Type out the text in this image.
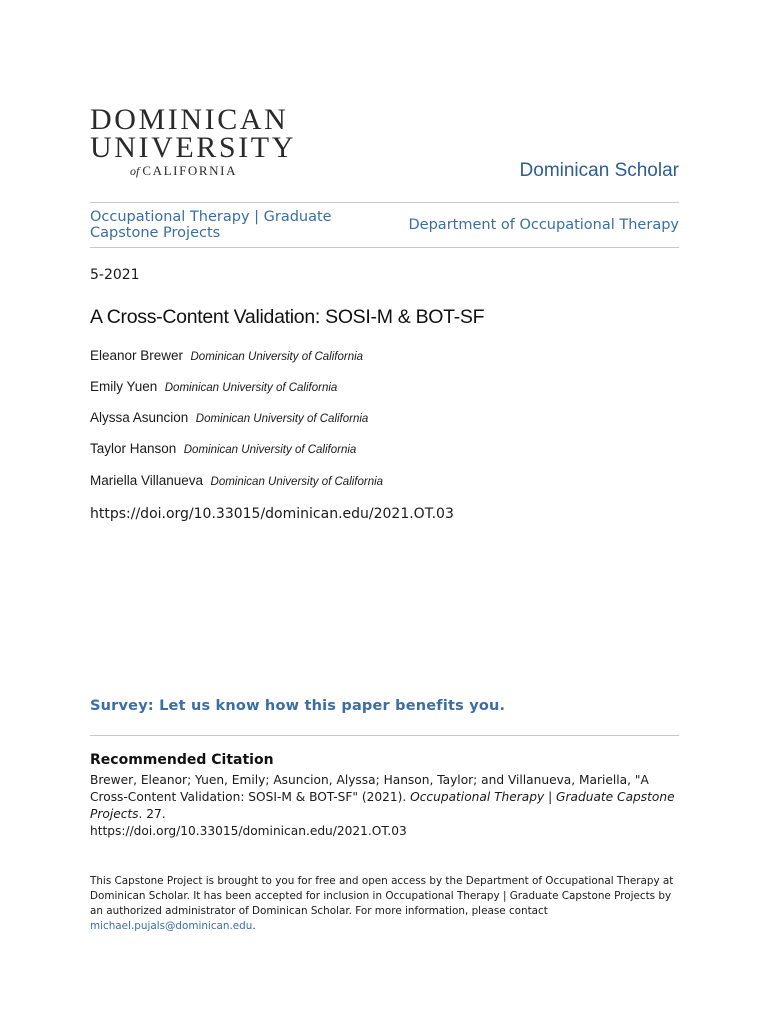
DOMINICAN
UNIVERSITY
of CALIFORNIA	Dominican Scholar
Occupational Therapy | Graduate Capstone Projects	Department of Occupational Therapy
5-2021
A Cross-Content Validation: SOSI-M & BOT-SF
Eleanor Brewer Dominican University of California
Emily Yuen Dominican University of California
Alyssa Asuncion Dominican University of California
Taylor Hanson Dominican University of California
Mariella Villanueva Dominican University of California
https://doi.org/10.33015/dominican.edu/2021.OT.03
Survey: Let us know how this paper benefits you.
Recommended Citation
Brewer, Eleanor; Yuen, Emily; Asuncion, Alyssa; Hanson, Taylor; and Villanueva, Mariella, "A Cross-Content Validation: SOSI-M & BOT-SF" (2021). Occupational Therapy | Graduate Capstone Projects. 27.
https://doi.org/10.33015/dominican.edu/2021.OT.03
This Capstone Project is brought to you for free and open access by the Department of Occupational Therapy at Dominican Scholar. It has been accepted for inclusion in Occupational Therapy | Graduate Capstone Projects by an authorized administrator of Dominican Scholar. For more information, please contact michael.pujals@dominican.edu.
